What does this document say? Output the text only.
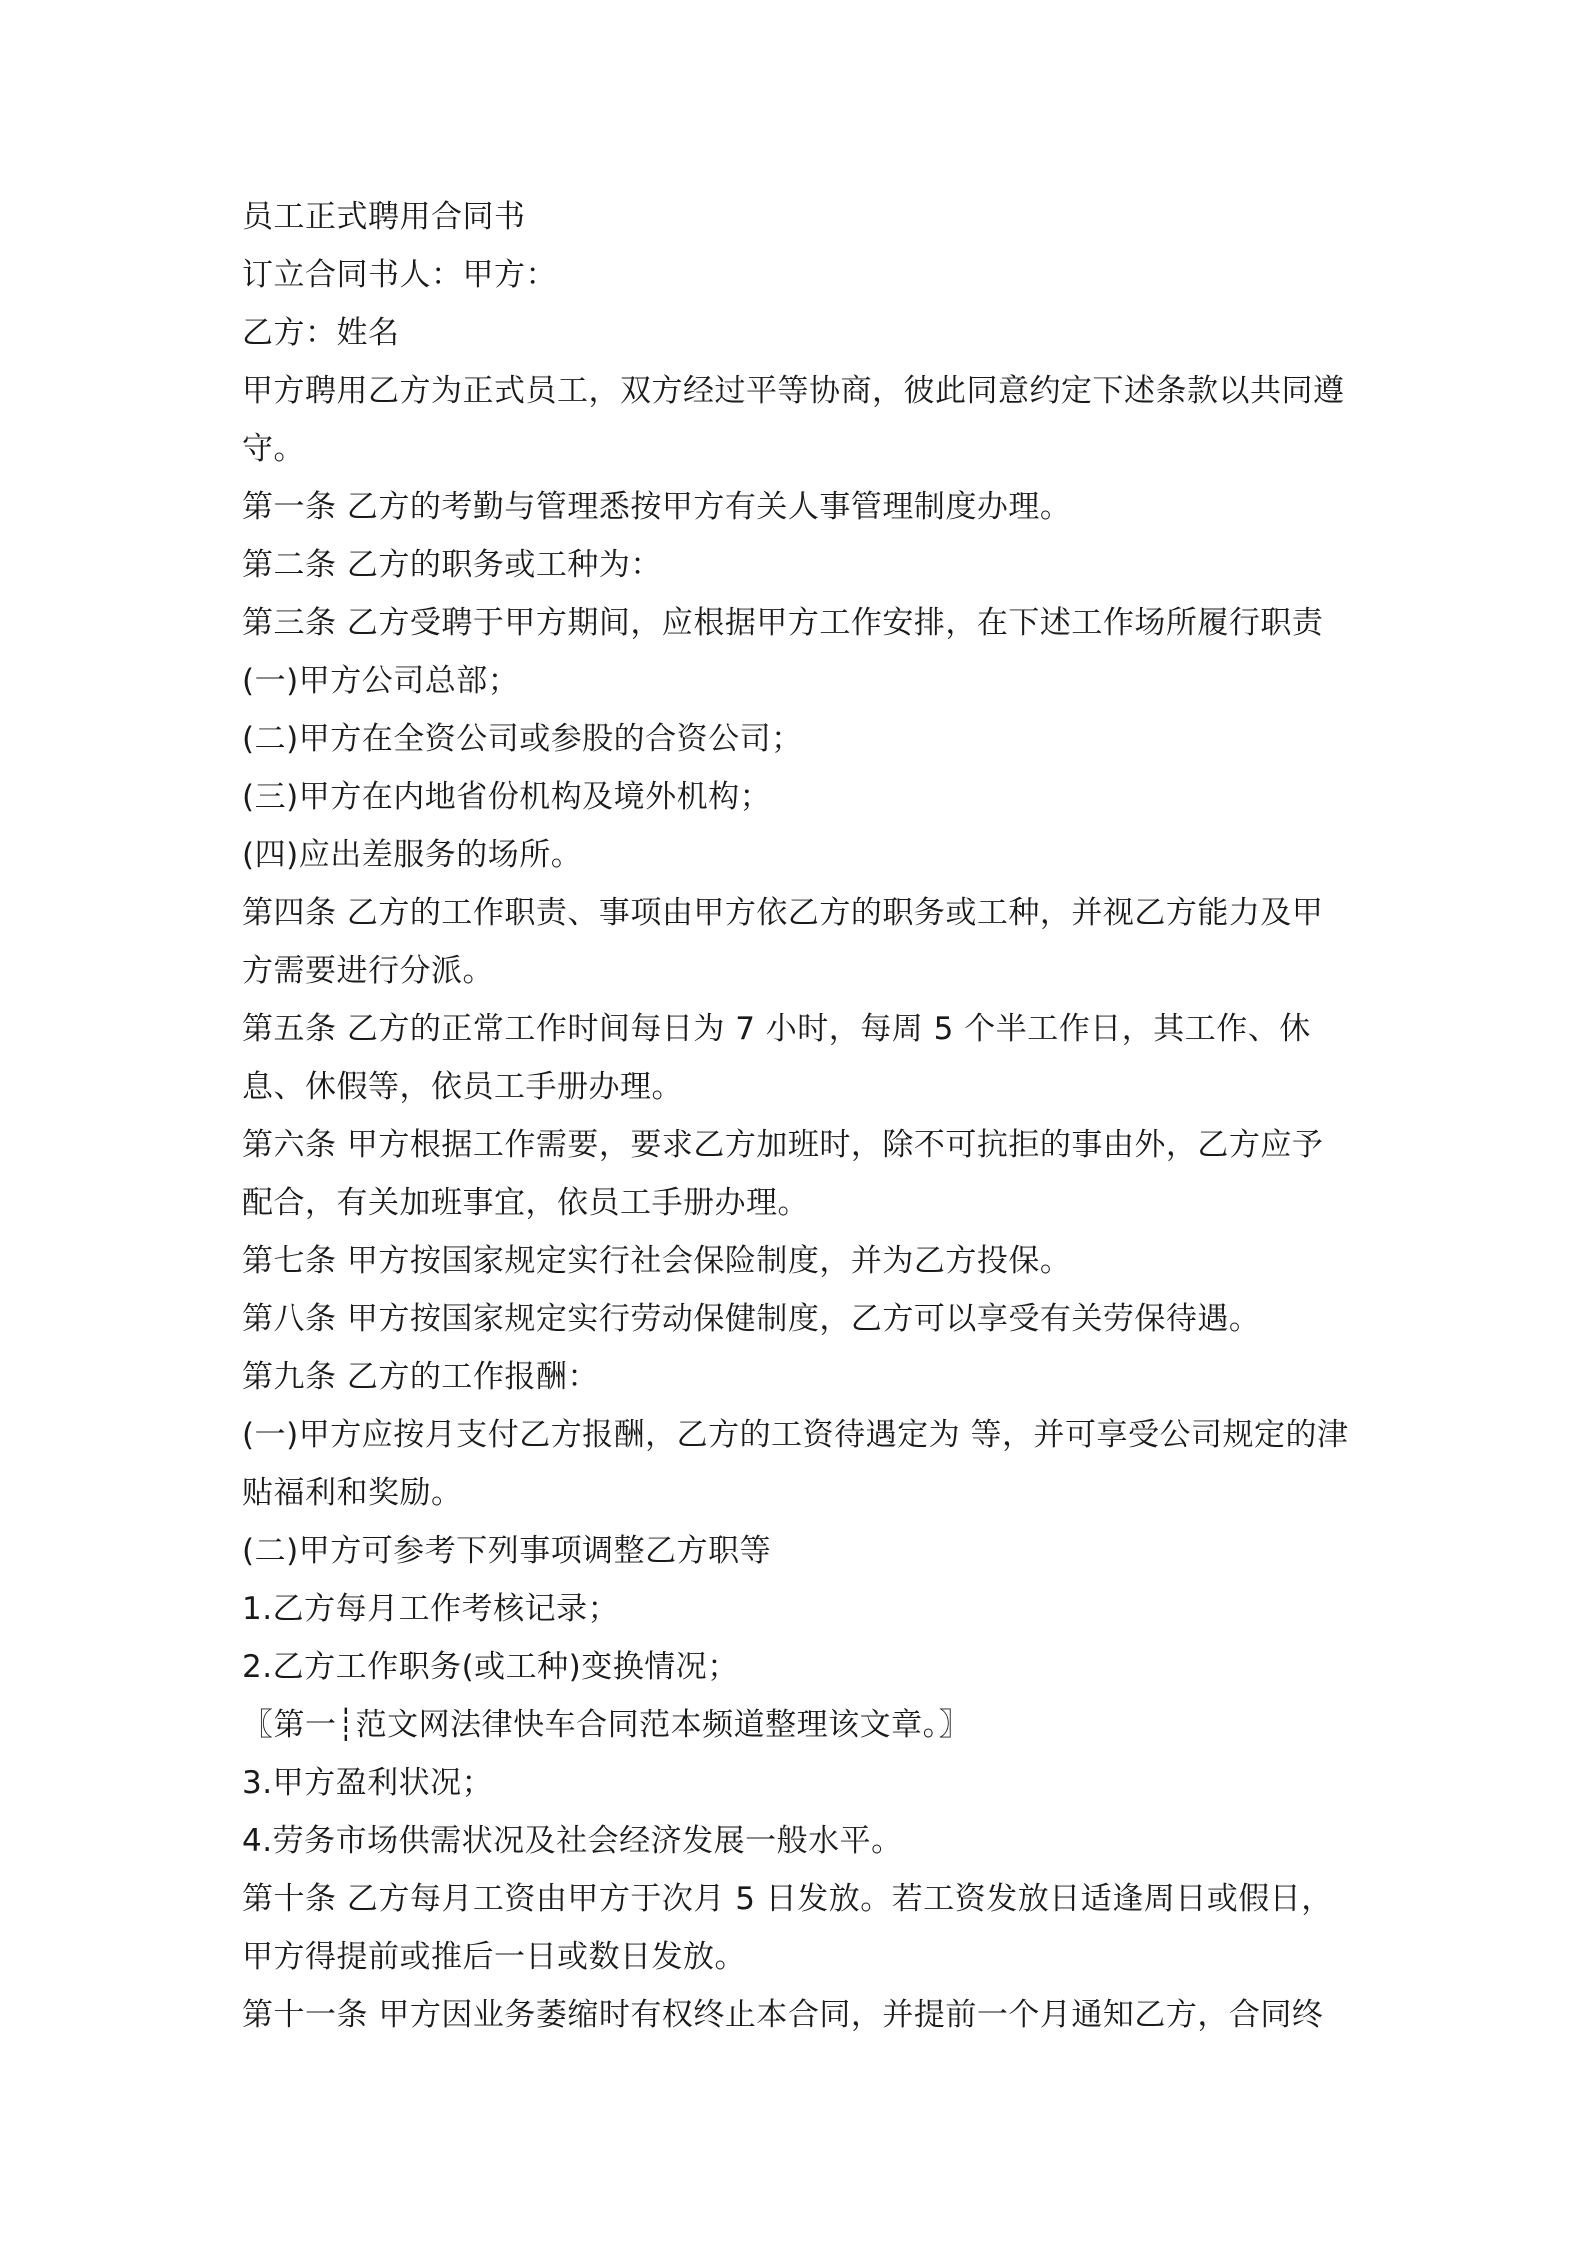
员工正式聘用合同书

订立合同书人：甲方：

乙方：姓名

甲方聘用乙方为正式员工，双方经过平等协商，彼此同意约定下述条款以共同遵守。

第一条 乙方的考勤与管理悉按甲方有关人事管理制度办理。

第二条 乙方的职务或工种为：

第三条 乙方受聘于甲方期间，应根据甲方工作安排，在下述工作场所履行职责

(一)甲方公司总部；

(二)甲方在全资公司或参股的合资公司；

(三)甲方在内地省份机构及境外机构；

(四)应出差服务的场所。

第四条 乙方的工作职责、事项由甲方依乙方的职务或工种，并视乙方能力及甲方需要进行分派。

第五条 乙方的正常工作时间每日为 7 小时，每周 5 个半工作日，其工作、休息、休假等，依员工手册办理。

第六条 甲方根据工作需要，要求乙方加班时，除不可抗拒的事由外，乙方应予配合，有关加班事宜，依员工手册办理。

第七条 甲方按国家规定实行社会保险制度，并为乙方投保。

第八条 甲方按国家规定实行劳动保健制度，乙方可以享受有关劳保待遇。

第九条 乙方的工作报酬：

(一)甲方应按月支付乙方报酬，乙方的工资待遇定为 等，并可享受公司规定的津贴福利和奖励。

(二)甲方可参考下列事项调整乙方职等

1.乙方每月工作考核记录；

2.乙方工作职务(或工种)变换情况；

〖第一┊范文网法律快车合同范本频道整理该文章。〗

3.甲方盈利状况；

4.劳务市场供需状况及社会经济发展一般水平。

第十条 乙方每月工资由甲方于次月 5 日发放。若工资发放日适逢周日或假日，甲方得提前或推后一日或数日发放。

第十一条 甲方因业务萎缩时有权终止本合同，并提前一个月通知乙方，合同终
